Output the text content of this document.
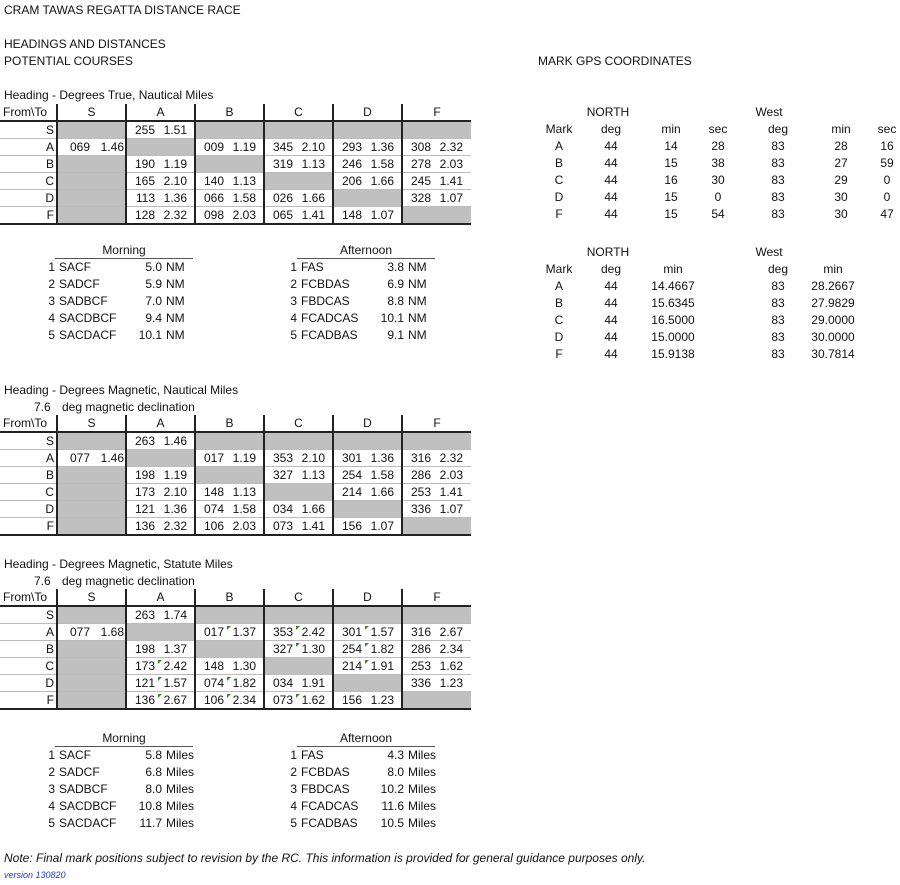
CRAM TAWAS REGATTA DISTANCE RACE
HEADINGS AND DISTANCES
POTENTIAL COURSES	MARK GPS COORDINATES
Heading - Degrees True, Nautical Miles
From\To	S	A	B	C	D	F
S		255 1.51				
A	069 1.46		009 1.19	345 2.10	293 1.36	308 2.32
B		190 1.19		319 1.13	246 1.58	278 2.03
C		165 2.10	140 1.13		206 1.66	245 1.41
D		113 1.36	066 1.58	026 1.66		328 1.07
F		128 2.32	098 2.03	065 1.41	148 1.07	
Morning
1 SACF	5.0 NM
2 SADCF	5.9 NM
3 SADBCF	7.0 NM
4 SACDBCF	9.4 NM
5 SACDACF	10.1 NM
Afternoon
1 FAS	3.8 NM
2 FCBDAS	6.9 NM
3 FBDCAS	8.8 NM
4 FCADCAS	10.1 NM
5 FCADBAS	9.1 NM
Heading - Degrees Magnetic, Nautical Miles
7.6 deg magnetic declination
From\To	S	A	B	C	D	F
S		263 1.46				
A	077 1.46		017 1.19	353 2.10	301 1.36	316 2.32
B		198 1.19		327 1.13	254 1.58	286 2.03
C		173 2.10	148 1.13		214 1.66	253 1.41
D		121 1.36	074 1.58	034 1.66		336 1.07
F		136 2.32	106 2.03	073 1.41	156 1.07	
Heading - Degrees Magnetic, Statute Miles
7.6 deg magnetic declination
From\To	S	A	B	C	D	F
S		263 1.74				
A	077 1.68		017 1.37	353 2.42	301 1.57	316 2.67
B		198 1.37		327 1.30	254 1.82	286 2.34
C		173 2.42	148 1.30		214 1.91	253 1.62
D		121 1.57	074 1.82	034 1.91		336 1.23
F		136 2.67	106 2.34	073 1.62	156 1.23	
Morning
1 SACF	5.8 Miles
2 SADCF	6.8 Miles
3 SADBCF	8.0 Miles
4 SACDBCF	10.8 Miles
5 SACDACF	11.7 Miles
Afternoon
1 FAS	4.3 Miles
2 FCBDAS	8.0 Miles
3 FBDCAS	10.2 Miles
4 FCADCAS	11.6 Miles
5 FCADBAS	10.5 Miles
NORTH	West
Mark	deg	min	sec	deg	min	sec
A	44	14	28	83	28	16
B	44	15	38	83	27	59
C	44	16	30	83	29	0
D	44	15	0	83	30	0
F	44	15	54	83	30	47
NORTH	West
Mark	deg	min	deg	min
A	44	14.4667	83	28.2667
B	44	15.6345	83	27.9829
C	44	16.5000	83	29.0000
D	44	15.0000	83	30.0000
F	44	15.9138	83	30.7814
Note: Final mark positions subject to revision by the RC. This information is provided for general guidance purposes only.
version 130820
